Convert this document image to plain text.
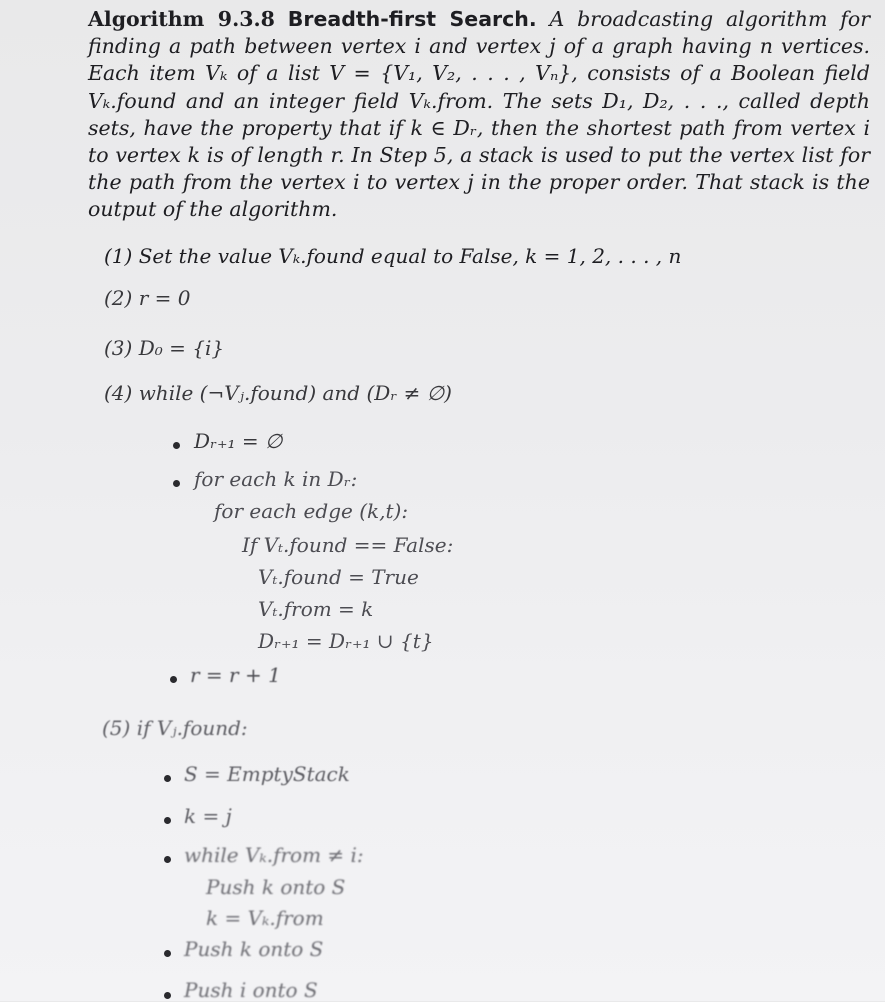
Algorithm 9.3.8 Breadth-first Search. A broadcasting algorithm for finding a path between vertex i and vertex j of a graph having n vertices. Each item Vₖ of a list V = {V₁, V₂, . . . , Vₙ}, consists of a Boolean field Vₖ.found and an integer field Vₖ.from. The sets D₁, D₂, . . ., called depth sets, have the property that if k ∈ Dᵣ, then the shortest path from vertex i to vertex k is of length r. In Step 5, a stack is used to put the vertex list for the path from the vertex i to vertex j in the proper order. That stack is the output of the algorithm.
(1) Set the value Vₖ.found equal to False, k = 1, 2, . . . , n
(2) r = 0
(3) D₀ = {i}
(4) while (¬Vⱼ.found) and (Dᵣ ≠ ∅)
Dᵣ₊₁ = ∅
for each k in Dᵣ:
for each edge (k,t):
If Vₜ.found == False:
Vₜ.found = True
Vₜ.from = k
Dᵣ₊₁ = Dᵣ₊₁ ∪ {t}
r = r + 1
(5) if Vⱼ.found:
S = EmptyStack
k = j
while Vₖ.from ≠ i:
Push k onto S
k = Vₖ.from
Push k onto S
Push i onto S
